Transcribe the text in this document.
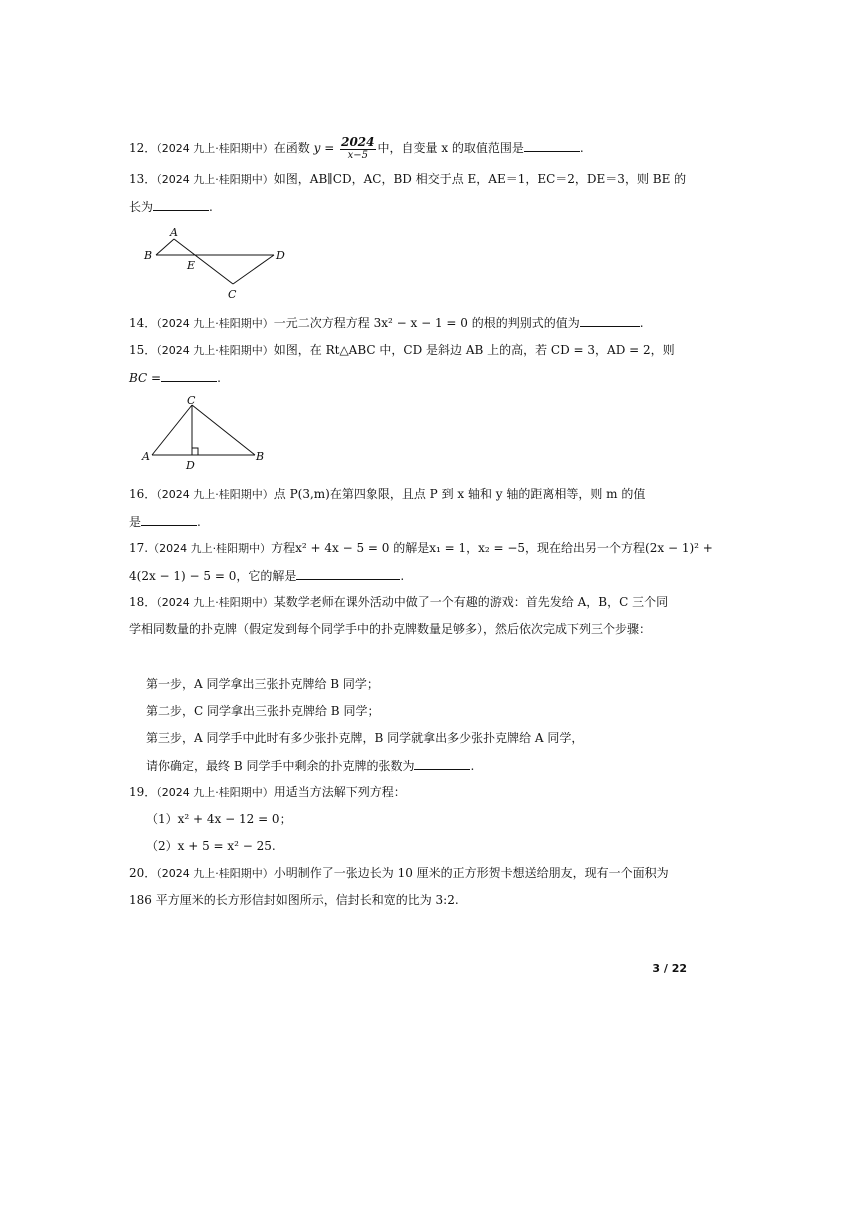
12．（2024 九上·桂阳期中）在函数 $y = \frac{2024}{x-5}$ 中，自变量 x 的取值范围是	.
13．（2024 九上·桂阳期中）如图，AB∥CD，AC，BD 相交于点 E，AE＝1，EC＝2，DE＝3，则 BE 的
长为	.
A
B
E
D
C
14．（2024 九上·桂阳期中）一元二次方程方程 3x² − x − 1 = 0 的根的判别式的值为	.
15．（2024 九上·桂阳期中）如图，在 Rt△ABC 中，CD 是斜边 AB 上的高，若 CD = 3，AD = 2，则
BC =	.
C
A
D
B
16．（2024 九上·桂阳期中）点 P(3,m)在第四象限，且点 P 到 x 轴和 y 轴的距离相等，则 m 的值
是	.
17.（2024 九上·桂阳期中）方程x² + 4x − 5 = 0 的解是x₁ = 1，x₂ = −5，现在给出另一个方程(2x − 1)² +
4(2x − 1) − 5 = 0，它的解是	.
18．（2024 九上·桂阳期中）某数学老师在课外活动中做了一个有趣的游戏：首先发给 A，B，C 三个同
学相同数量的扑克牌（假定发到每个同学手中的扑克牌数量足够多），然后依次完成下列三个步骤：
第一步，A 同学拿出三张扑克牌给 B 同学；
第二步，C 同学拿出三张扑克牌给 B 同学；
第三步，A 同学手中此时有多少张扑克牌，B 同学就拿出多少张扑克牌给 A 同学，
请你确定，最终 B 同学手中剩余的扑克牌的张数为	.
19．（2024 九上·桂阳期中）用适当方法解下列方程：
（1）x² + 4x − 12 = 0；
（2）x + 5 = x² − 25.
20．（2024 九上·桂阳期中）小明制作了一张边长为 10 厘米的正方形贺卡想送给朋友，现有一个面积为
186 平方厘米的长方形信封如图所示，信封长和宽的比为 3:2.
3 / 22
